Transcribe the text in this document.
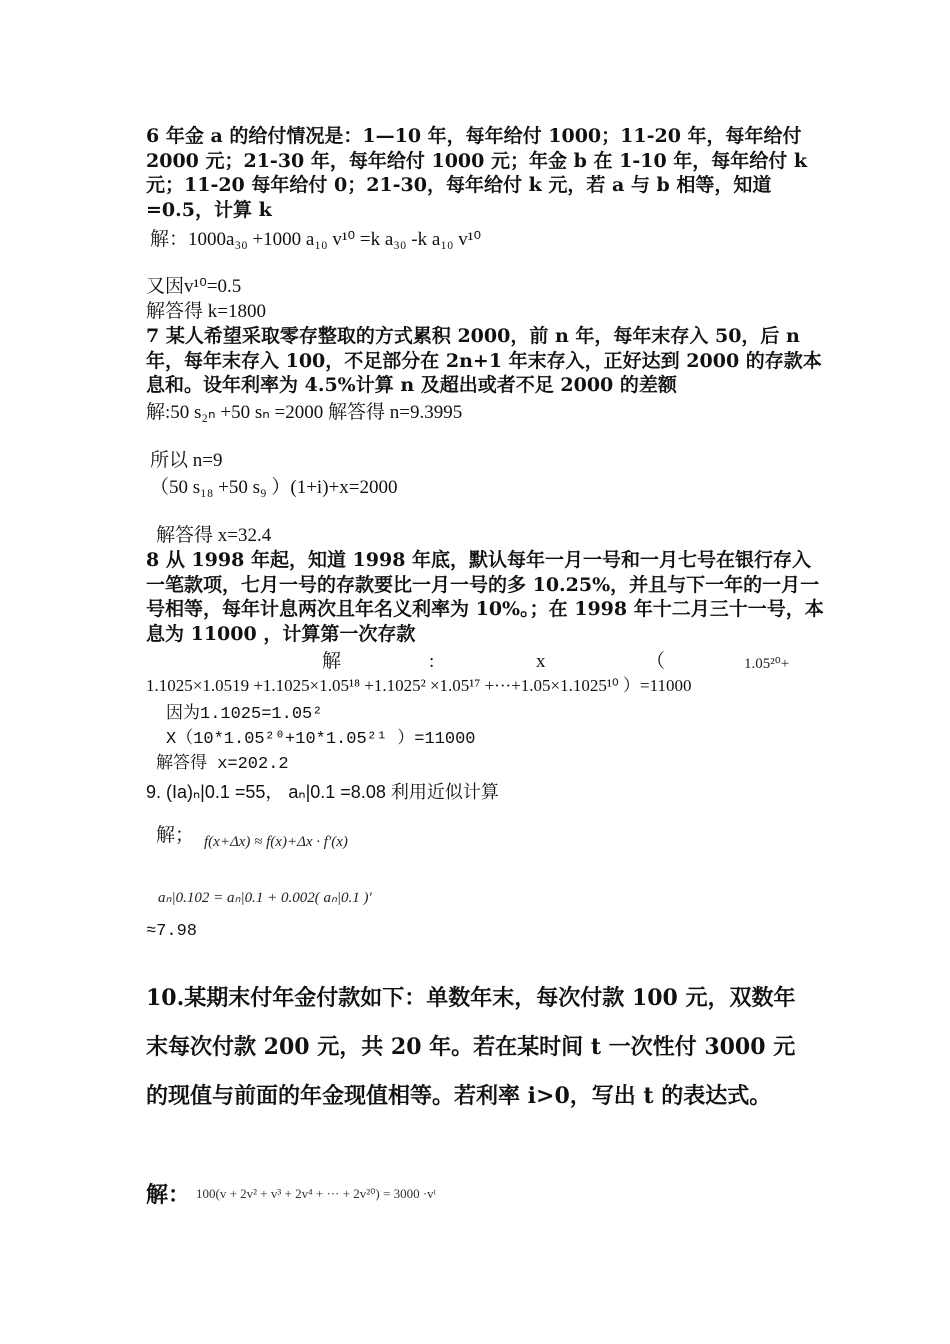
6 年金 a 的给付情况是：1—10 年，每年给付 1000；11-20 年，每年给付 2000 元；21-30 年，每年给付 1000 元；年金 b 在 1-10 年，每年给付 k 元；11-20 每年给付 0；21-30，每年给付 k 元，若 a 与 b 相等，知道=0.5，计算 k

解：1000a₃₀ +1000 a₁₀ v¹⁰ =k a₃₀ -k a₁₀ v¹⁰

又因v¹⁰=0.5

解答得 k=1800

7 某人希望采取零存整取的方式累积 2000，前 n 年，每年末存入 50，后 n 年，每年末存入 100，不足部分在 2n+1 年末存入，正好达到 2000 的存款本息和。设年利率为 4.5%计算 n 及超出或者不足 2000 的差额

解:50 s₂ₙ +50 sₙ =2000 解答得 n=9.3995

所以 n=9

（50 s₁₈ +50 s₉ ）(1+i)+x=2000

解答得 x=32.4

8 从 1998 年起，知道 1998 年底，默认每年一月一号和一月七号在银行存入一笔款项，七月一号的存款要比一月一号的多 10.25%，并且与下一年的一月一号相等，每年计息两次且年名义利率为 10%。；在 1998 年十二月三十一号，本息为 11000 ，计算第一次存款

解	:	x	（	1.05²⁰+

1.1025×1.0519 +1.1025×1.05¹⁸ +1.1025² ×1.05¹⁷ +···+1.05×1.1025¹⁰ ）=11000

因为1.1025=1.05²

X（10*1.05²⁰+10*1.05²¹ ）=11000

解答得 x=202.2

9. (Ia)ₙ|0.1 =55， aₙ|0.1 =8.08 利用近似计算

解； f(x+Δx) ≈ f(x)+Δx · f′(x)
aₙ|0.102 = aₙ|0.1 + 0.002( aₙ|0.1 )′
≈7.98

10.某期末付年金付款如下：单数年末，每次付款 100 元，双数年末每次付款 200 元，共 20 年。若在某时间 t 一次性付 3000 元的现值与前面的年金现值相等。若利率 i>0，写出 t 的表达式。

解： 100(v + 2v² + v³ + 2v⁴ + ··· + 2v²⁰) = 3000 ·vᵗ
